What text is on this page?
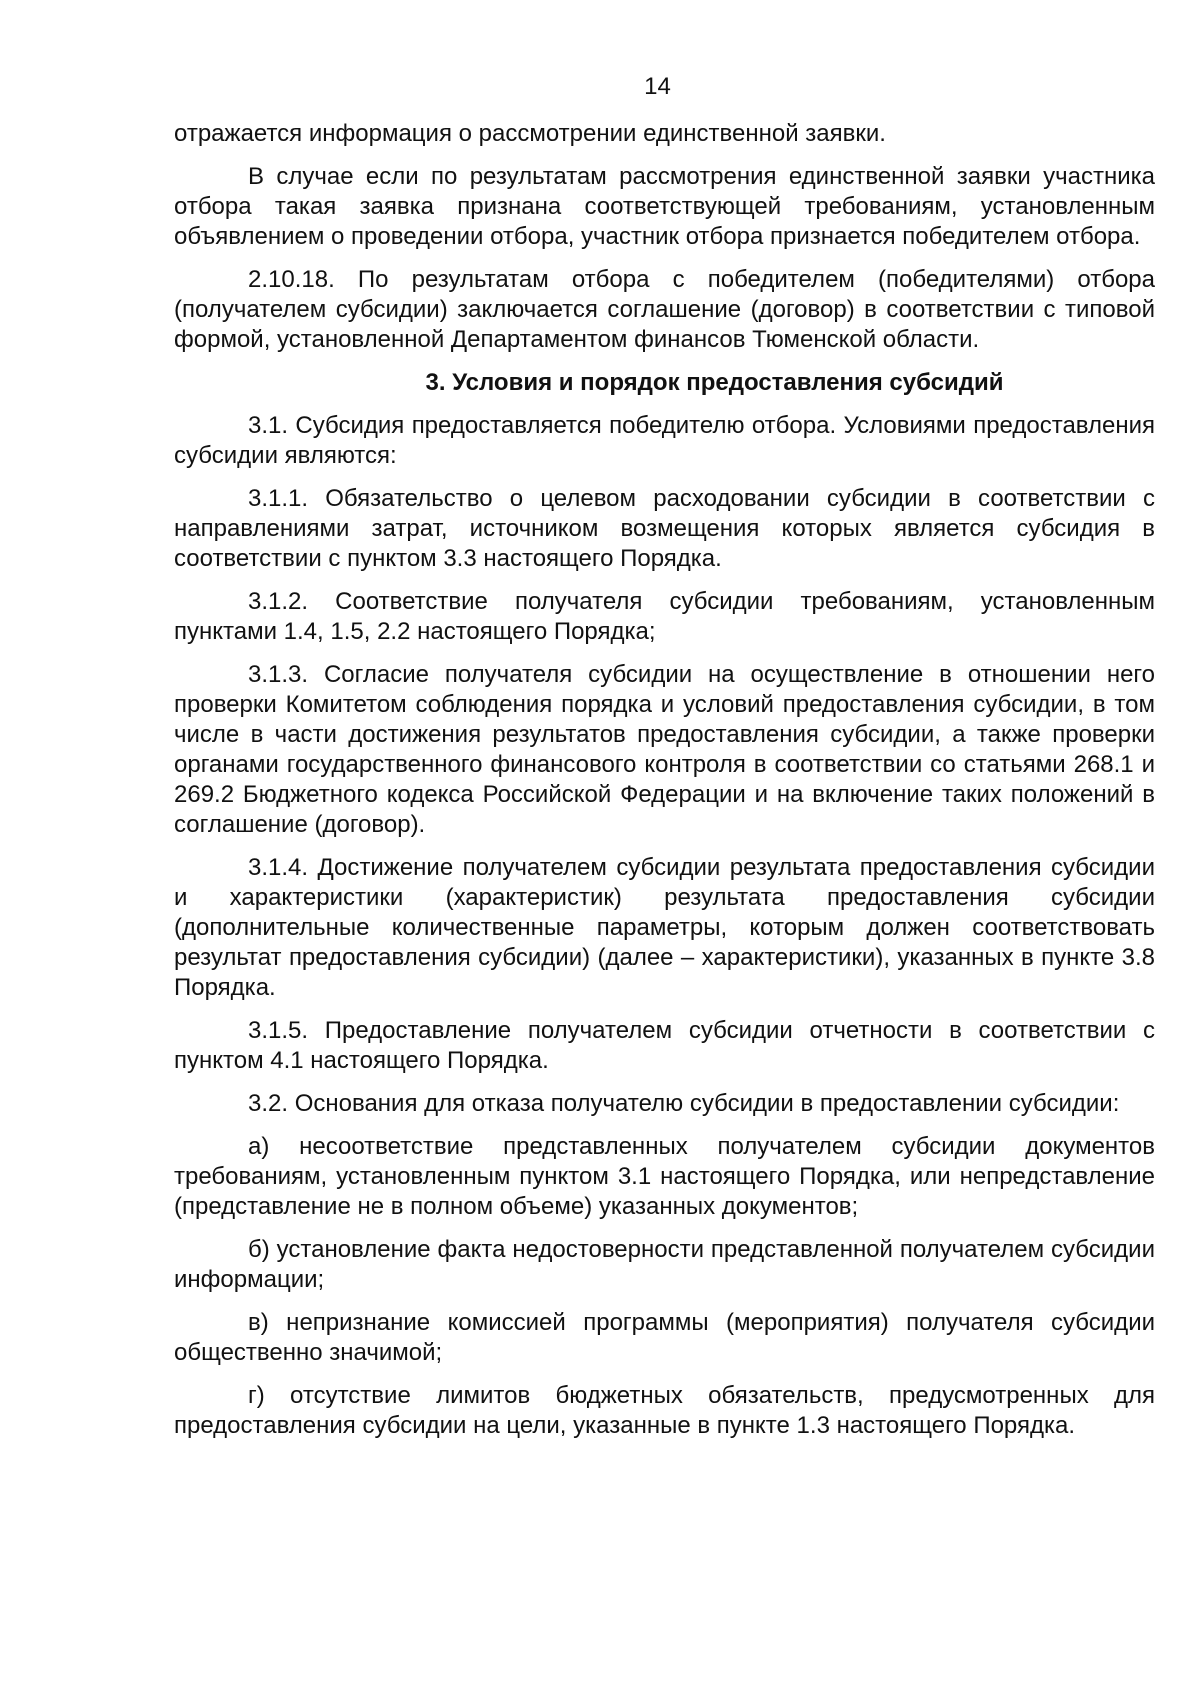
14

отражается информация о рассмотрении единственной заявки.

В случае если по результатам рассмотрения единственной заявки участника отбора такая заявка признана соответствующей требованиям, установленным объявлением о проведении отбора, участник отбора признается победителем отбора.

2.10.18. По результатам отбора с победителем (победителями) отбора (получателем субсидии) заключается соглашение (договор) в соответствии с типовой формой, установленной Департаментом финансов Тюменской области.

3. Условия и порядок предоставления субсидий

3.1. Субсидия предоставляется победителю отбора. Условиями предоставления субсидии являются:

3.1.1. Обязательство о целевом расходовании субсидии в соответствии с направлениями затрат, источником возмещения которых является субсидия в соответствии с пунктом 3.3 настоящего Порядка.

3.1.2. Соответствие получателя субсидии требованиям, установленным пунктами 1.4, 1.5, 2.2 настоящего Порядка;

3.1.3. Согласие получателя субсидии на осуществление в отношении него проверки Комитетом соблюдения порядка и условий предоставления субсидии, в том числе в части достижения результатов предоставления субсидии, а также проверки органами государственного финансового контроля в соответствии со статьями 268.1 и 269.2 Бюджетного кодекса Российской Федерации и на включение таких положений в соглашение (договор).

3.1.4. Достижение получателем субсидии результата предоставления субсидии и характеристики (характеристик) результата предоставления субсидии (дополнительные количественные параметры, которым должен соответствовать результат предоставления субсидии) (далее – характеристики), указанных в пункте 3.8 Порядка.

3.1.5. Предоставление получателем субсидии отчетности в соответствии с пунктом 4.1 настоящего Порядка.

3.2. Основания для отказа получателю субсидии в предоставлении субсидии:

а) несоответствие представленных получателем субсидии документов требованиям, установленным пунктом 3.1 настоящего Порядка, или непредставление (представление не в полном объеме) указанных документов;

б) установление факта недостоверности представленной получателем субсидии информации;

в) непризнание комиссией программы (мероприятия) получателя субсидии общественно значимой;

г) отсутствие лимитов бюджетных обязательств, предусмотренных для предоставления субсидии на цели, указанные в пункте 1.3 настоящего Порядка.
